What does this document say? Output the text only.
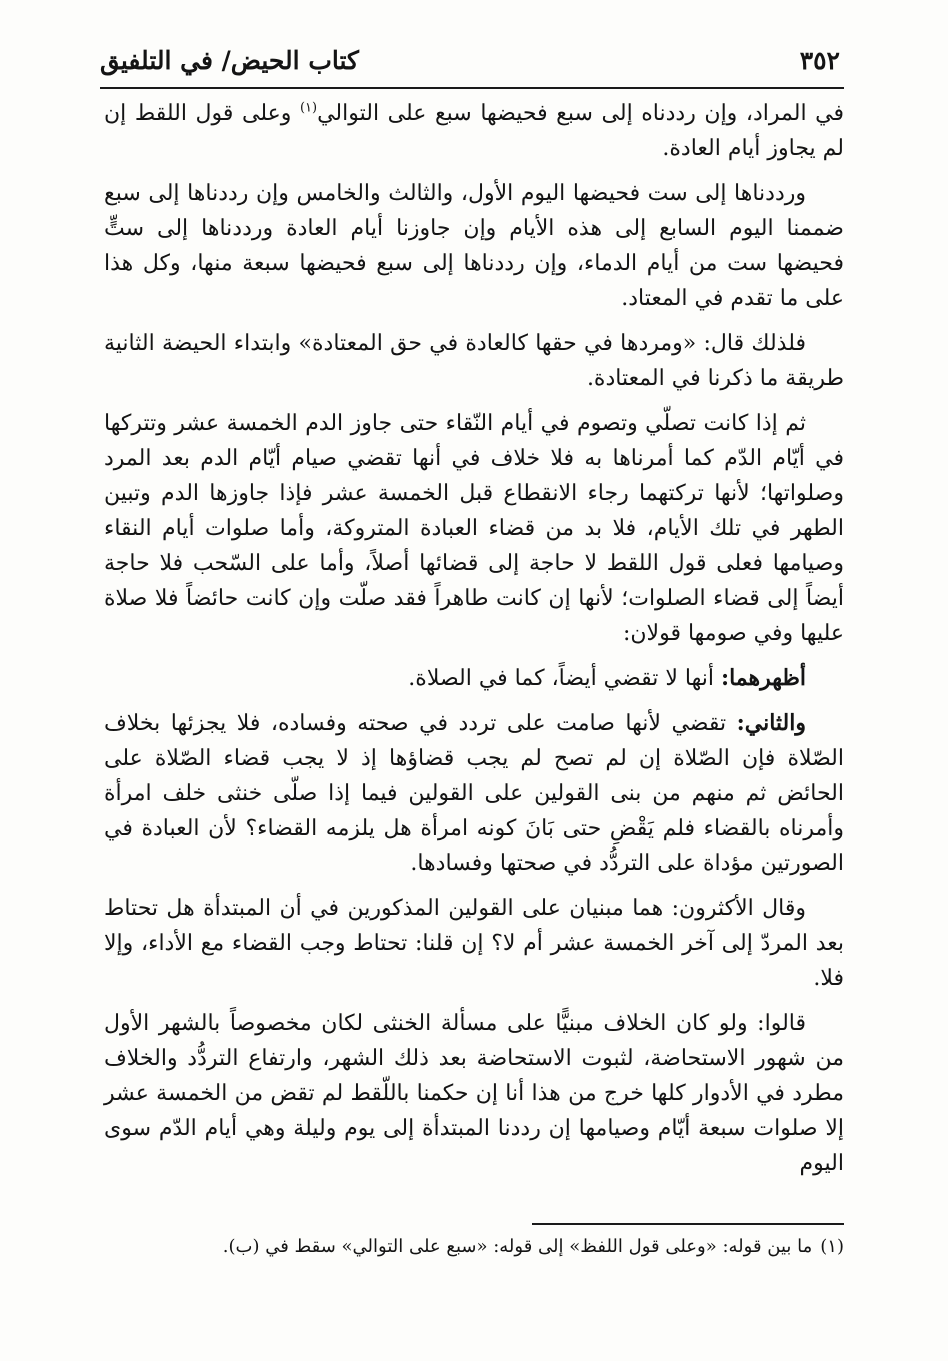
٣٥٢
كتاب الحيض/ في التلفيق

في المراد، وإن رددناه إلى سبع فحيضها سبع على التوالي$^{(١)}$ وعلى قول اللقط إن لم يجاوز أيام العادة.

ورددناها إلى ست فحيضها اليوم الأول، والثالث والخامس وإن رددناها إلى سبع ضممنا اليوم السابع إلى هذه الأيام وإن جاوزنا أيام العادة ورددناها إلى ستٍّ فحيضها ست من أيام الدماء، وإن رددناها إلى سبع فحيضها سبعة منها، وكل هذا على ما تقدم في المعتاد.

فلذلك قال: «ومردها في حقها كالعادة في حق المعتادة» وابتداء الحيضة الثانية طريقة ما ذكرنا في المعتادة.

ثم إذا كانت تصلّي وتصوم في أيام النّقاء حتى جاوز الدم الخمسة عشر وتتركها في أيّام الدّم كما أمرناها به فلا خلاف في أنها تقضي صيام أيّام الدم بعد المرد وصلواتها؛ لأنها تركتهما رجاء الانقطاع قبل الخمسة عشر فإذا جاوزها الدم وتبين الطهر في تلك الأيام، فلا بد من قضاء العبادة المتروكة، وأما صلوات أيام النقاء وصيامها فعلى قول اللقط لا حاجة إلى قضائها أصلاً، وأما على السّحب فلا حاجة أيضاً إلى قضاء الصلوات؛ لأنها إن كانت طاهراً فقد صلّت وإن كانت حائضاً فلا صلاة عليها وفي صومها قولان:

أظهرهما: أنها لا تقضي أيضاً، كما في الصلاة.

والثاني: تقضي لأنها صامت على تردد في صحته وفساده، فلا يجزئها بخلاف الصّلاة فإن الصّلاة إن لم تصح لم يجب قضاؤها إذ لا يجب قضاء الصّلاة على الحائض ثم منهم من بنى القولين على القولين فيما إذا صلّى خنثى خلف امرأة وأمرناه بالقضاء فلم يَقْضِ حتى بَانَ كونه امرأة هل يلزمه القضاء؟ لأن العبادة في الصورتين مؤداة على التردُّد في صحتها وفسادها.

وقال الأكثرون: هما مبنيان على القولين المذكورين في أن المبتدأة هل تحتاط بعد المردّ إلى آخر الخمسة عشر أم لا؟ إن قلنا: تحتاط وجب القضاء مع الأداء، وإلا فلا.

قالوا: ولو كان الخلاف مبنيًّا على مسألة الخنثى لكان مخصوصاً بالشهر الأول من شهور الاستحاضة، لثبوت الاستحاضة بعد ذلك الشهر، وارتفاع التردُّد والخلاف مطرد في الأدوار كلها خرج من هذا أنا إن حكمنا باللّقط لم تقض من الخمسة عشر إلا صلوات سبعة أيّام وصيامها إن رددنا المبتدأة إلى يوم وليلة وهي أيام الدّم سوى اليوم

(١)ما بين قوله: «وعلى قول اللفظ» إلى قوله: «سبع على التوالي» سقط في (ب).
